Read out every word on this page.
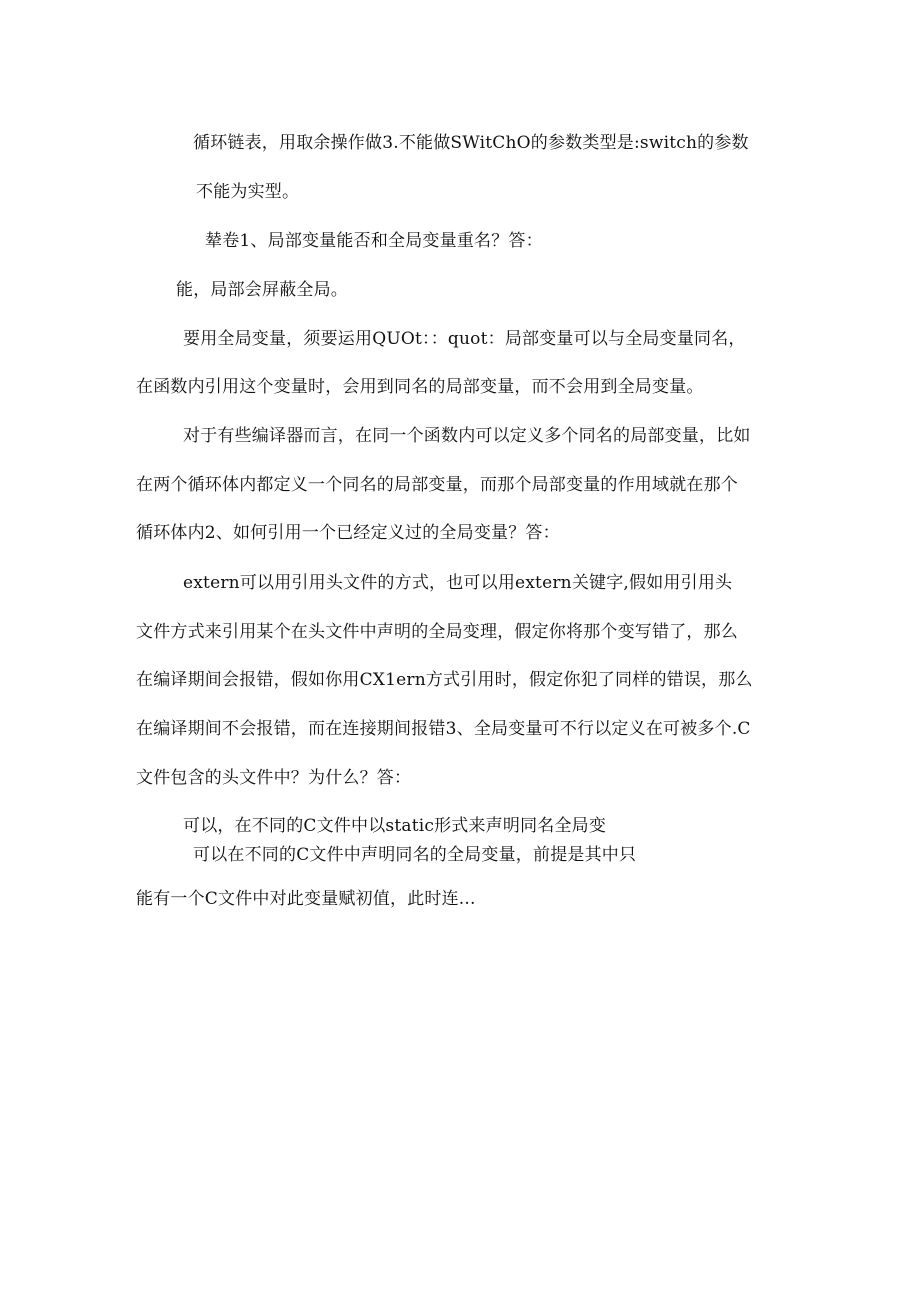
循环链表，用取余操作做3.不能做SWitChO的参数类型是:switch的参数
不能为实型。
辇卷1、局部变量能否和全局变量重名？答：
能，局部会屏蔽全局。
要用全局变量，须要运用QUOt：：quot：局部变量可以与全局变量同名，
在函数内引用这个变量时，会用到同名的局部变量，而不会用到全局变量。
对于有些编译器而言，在同一个函数内可以定义多个同名的局部变量，比如
在两个循环体内都定义一个同名的局部变量，而那个局部变量的作用域就在那个
循环体内2、如何引用一个已经定义过的全局变量？答：
extern可以用引用头文件的方式，也可以用extern关键字,假如用引用头
文件方式来引用某个在头文件中声明的全局变理，假定你将那个变写错了，那么
在编译期间会报错，假如你用CX1ern方式引用时，假定你犯了同样的错误，那么
在编译期间不会报错，而在连接期间报错3、全局变量可不行以定义在可被多个.C
文件包含的头文件中？为什么？答：
可以，在不同的C文件中以static形式来声明同名全局变
可以在不同的C文件中声明同名的全局变量，前提是其中只
能有一个C文件中对此变量赋初值，此时连...
